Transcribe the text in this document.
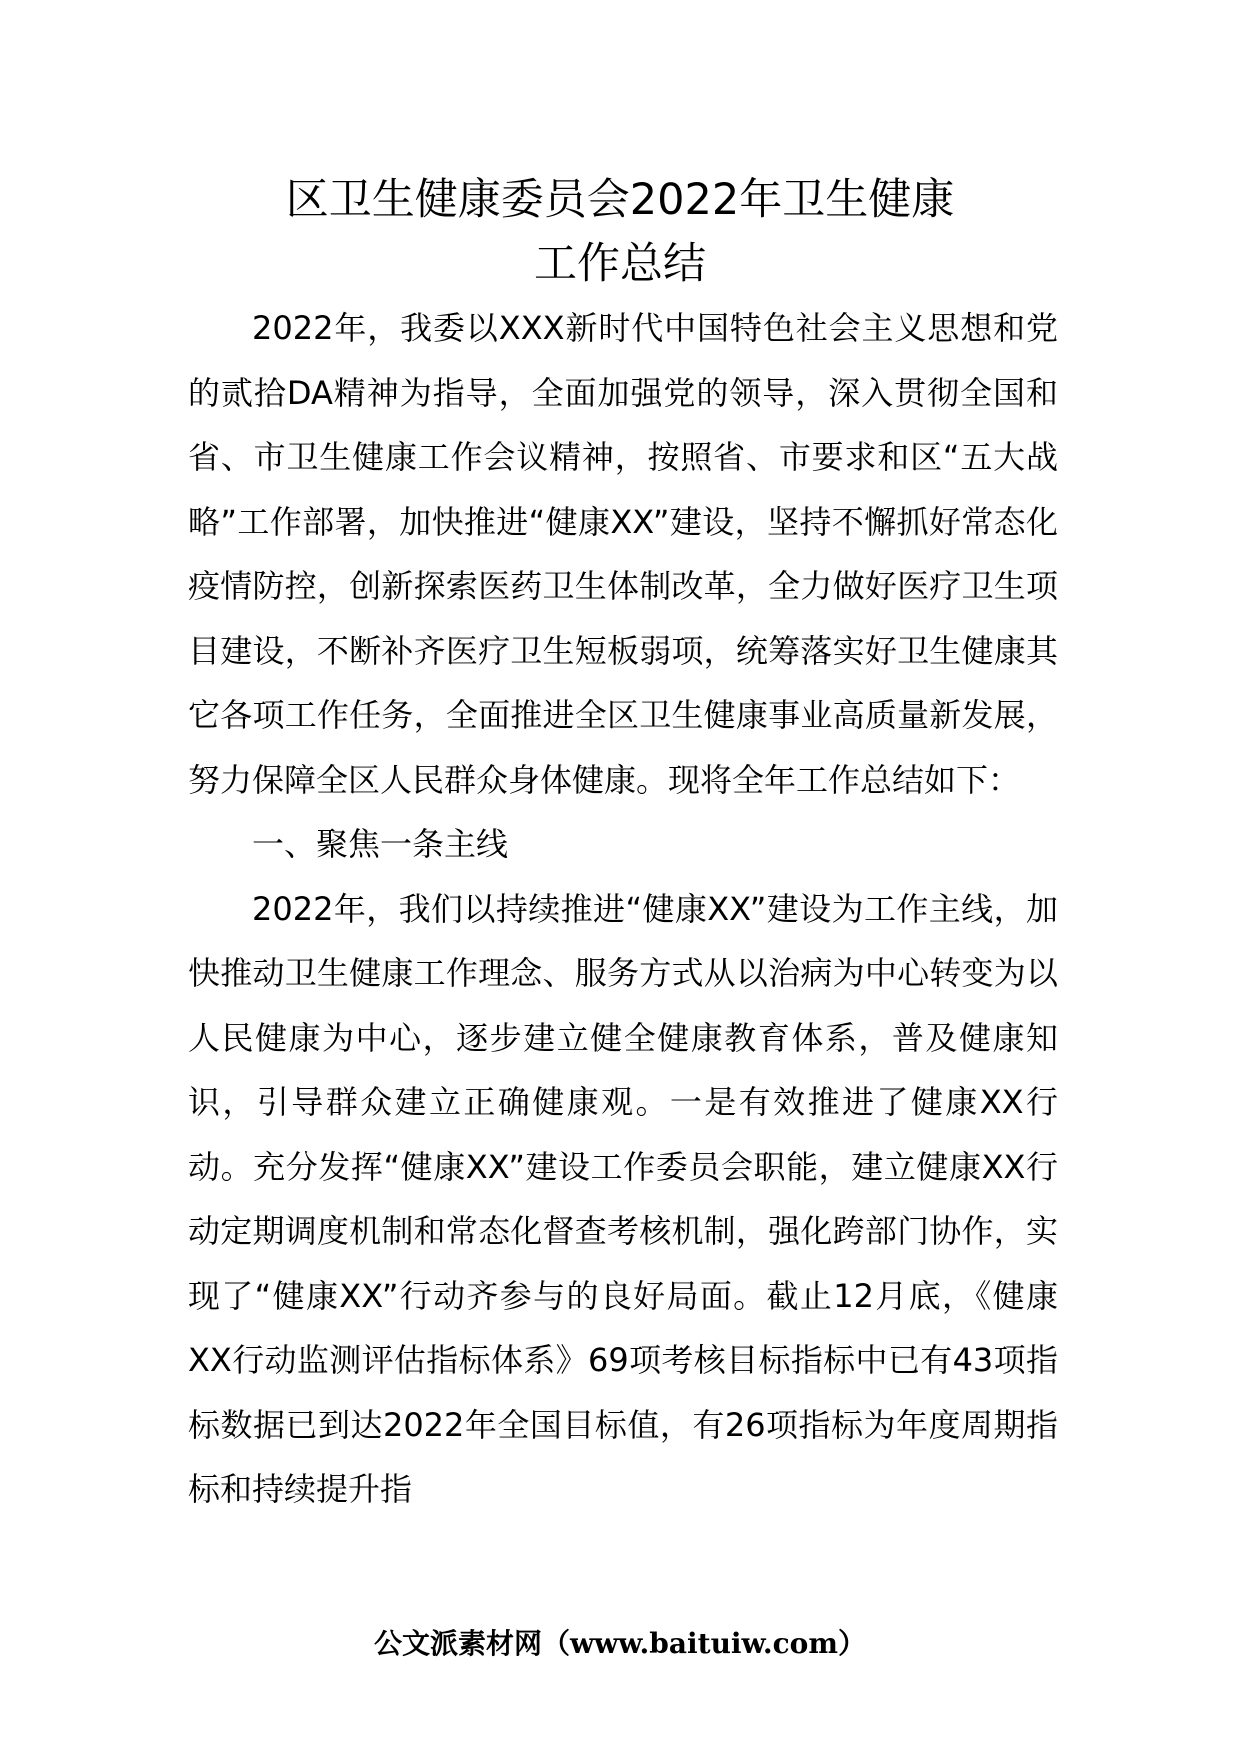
区卫生健康委员会2022年卫生健康
工作总结

2022年，我委以XXX新时代中国特色社会主义思想和党的贰拾DA精神为指导，全面加强党的领导，深入贯彻全国和省、市卫生健康工作会议精神，按照省、市要求和区“五大战略”工作部署，加快推进“健康XX”建设，坚持不懈抓好常态化疫情防控，创新探索医药卫生体制改革，全力做好医疗卫生项目建设，不断补齐医疗卫生短板弱项，统筹落实好卫生健康其它各项工作任务，全面推进全区卫生健康事业高质量新发展，努力保障全区人民群众身体健康。现将全年工作总结如下：

一、聚焦一条主线

2022年，我们以持续推进“健康XX”建设为工作主线，加快推动卫生健康工作理念、服务方式从以治病为中心转变为以人民健康为中心，逐步建立健全健康教育体系，普及健康知识，引导群众建立正确健康观。一是有效推进了健康XX行动。充分发挥“健康XX”建设工作委员会职能，建立健康XX行动定期调度机制和常态化督查考核机制，强化跨部门协作，实现了“健康XX”行动齐参与的良好局面。截止12月底，《健康XX行动监测评估指标体系》69项考核目标指标中已有43项指标数据已到达2022年全国目标值，有26项指标为年度周期指标和持续提升指

公文派素材网（www.baituiw.com）
